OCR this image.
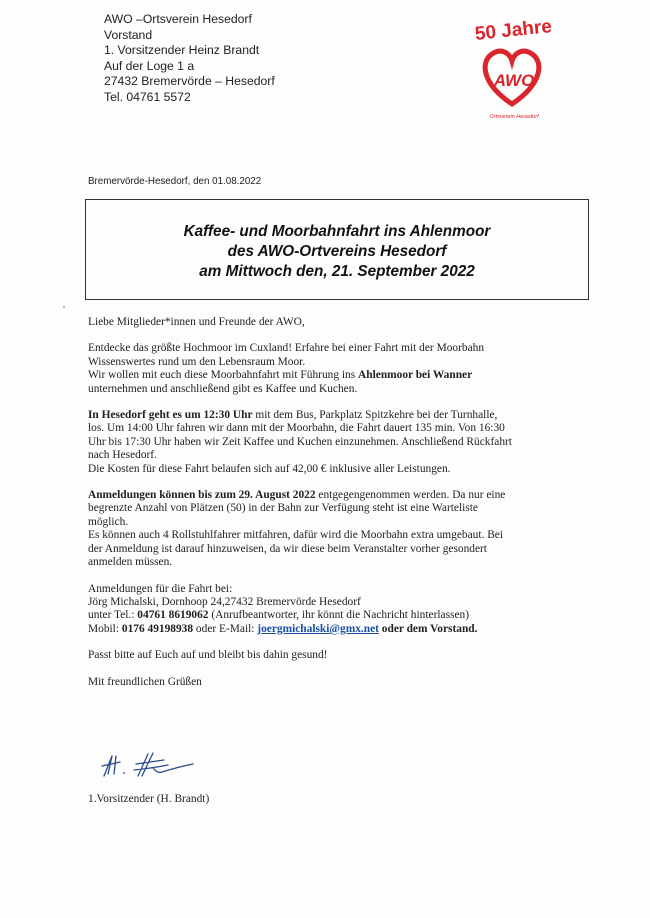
AWO –Ortsverein Hesedorf
Vorstand
1. Vorsitzender Heinz Brandt
Auf der Loge 1 a
27432 Bremervörde – Hesedorf
Tel. 04761 5572
50 Jahre
AWO
Ortsverein Hesedorf
Bremervörde-Hesedorf, den 01.08.2022
Kaffee- und Moorbahnfahrt ins Ahlenmoor
des AWO-Ortvereins Hesedorf
am Mittwoch den, 21. September 2022

Liebe Mitglieder*innen und Freunde der AWO,

Entdecke das größte Hochmoor im Cuxland! Erfahre bei einer Fahrt mit der Moorbahn

Wissenswertes rund um den Lebensraum Moor.

Wir wollen mit euch diese Moorbahnfahrt mit Führung ins Ahlenmoor bei Wanner

unternehmen und anschließend gibt es Kaffee und Kuchen.

In Hesedorf geht es um 12:30 Uhr mit dem Bus, Parkplatz Spitzkehre bei der Turnhalle,

los. Um 14:00 Uhr fahren wir dann mit der Moorbahn, die Fahrt dauert 135 min. Von 16:30

Uhr bis 17:30 Uhr haben wir Zeit Kaffee und Kuchen einzunehmen. Anschließend Rückfahrt

nach Hesedorf.

Die Kosten für diese Fahrt belaufen sich auf 42,00 € inklusive aller Leistungen.

Anmeldungen können bis zum 29. August 2022 entgegengenommen werden. Da nur eine

begrenzte Anzahl von Plätzen (50) in der Bahn zur Verfügung steht ist eine Warteliste

möglich.

Es können auch 4 Rollstuhlfahrer mitfahren, dafür wird die Moorbahn extra umgebaut. Bei

der Anmeldung ist darauf hinzuweisen, da wir diese beim Veranstalter vorher gesondert

anmelden müssen.

Anmeldungen für die Fahrt bei:

Jörg Michalski, Dornhoop 24,27432 Bremervörde Hesedorf

unter Tel.: 04761 8619062 (Anrufbeantworter, ihr könnt die Nachricht hinterlassen)

Mobil: 0176 49198938 oder E-Mail: joergmichalski@gmx.net oder dem Vorstand.

Passt bitte auf Euch auf und bleibt bis dahin gesund!

Mit freundlichen Grüßen

1.Vorsitzender (H. Brandt)
